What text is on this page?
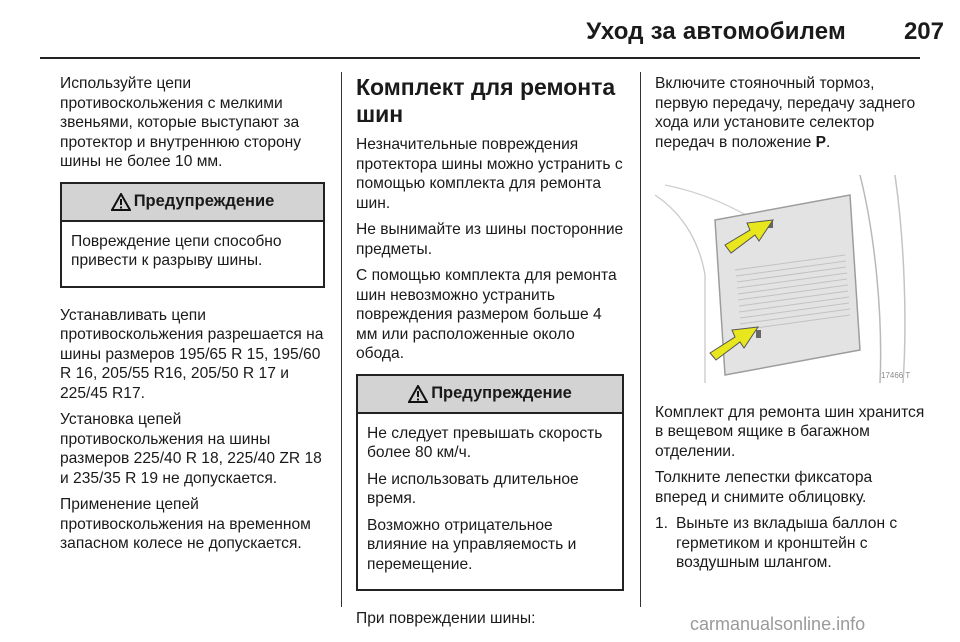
Уход за автомобилем	207

Используйте цепи противоскольжения с мелкими звеньями, которые выступают за протектор и внутреннюю сторону шины не более 10 мм.

Предупреждение

Повреждение цепи способно привести к разрыву шины.

Устанавливать цепи противоскольжения разрешается на шины размеров 195/65 R 15, 195/60 R 16, 205/55 R16, 205/50 R 17 и 225/45 R17.

Установка цепей противоскольжения на шины размеров 225/40 R 18, 225/40 ZR 18 и 235/35 R 19 не допускается.

Применение цепей противоскольжения на временном запасном колесе не допускается.

Комплект для ремонта шин

Незначительные повреждения протектора шины можно устранить с помощью комплекта для ремонта шин.

Не вынимайте из шины посторонние предметы.

С помощью комплекта для ремонта шин невозможно устранить повреждения размером больше 4 мм или расположенные около обода.

Предупреждение

Не следует превышать скорость более 80 км/ч.

Не использовать длительное время.

Возможно отрицательное влияние на управляемость и перемещение.

При повреждении шины:

Включите стояночный тормоз, первую передачу, передачу заднего хода или установите селектор передач в положение P.

17466 T

Комплект для ремонта шин хранится в вещевом ящике в багажном отделении.

Толкните лепестки фиксатора вперед и снимите облицовку.

1. Выньте из вкладыша баллон с герметиком и кронштейн с воздушным шлангом.
carmanualsonline.info
